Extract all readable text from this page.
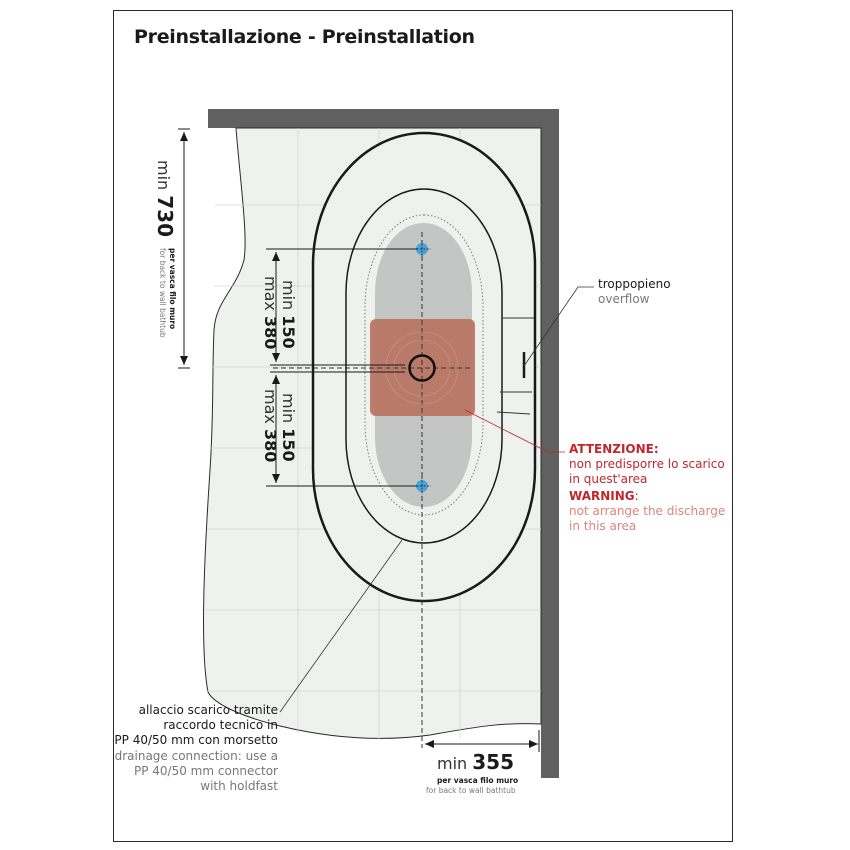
Preinstallazione - Preinstallation
min 730
per vasca filo muro
for back to wall bathtub	min 150
max 380
min 150
max 380
min 355
per vasca filo muro
for back to wall bathtub
troppopieno
overflow
ATTENZIONE:
non predisporre lo scarico
in quest'area
WARNING:
not arrange the discharge
in this area
allaccio scarico tramite
raccordo tecnico in
PP 40/50 mm con morsetto
drainage connection: use a
PP 40/50 mm connector
with holdfast
